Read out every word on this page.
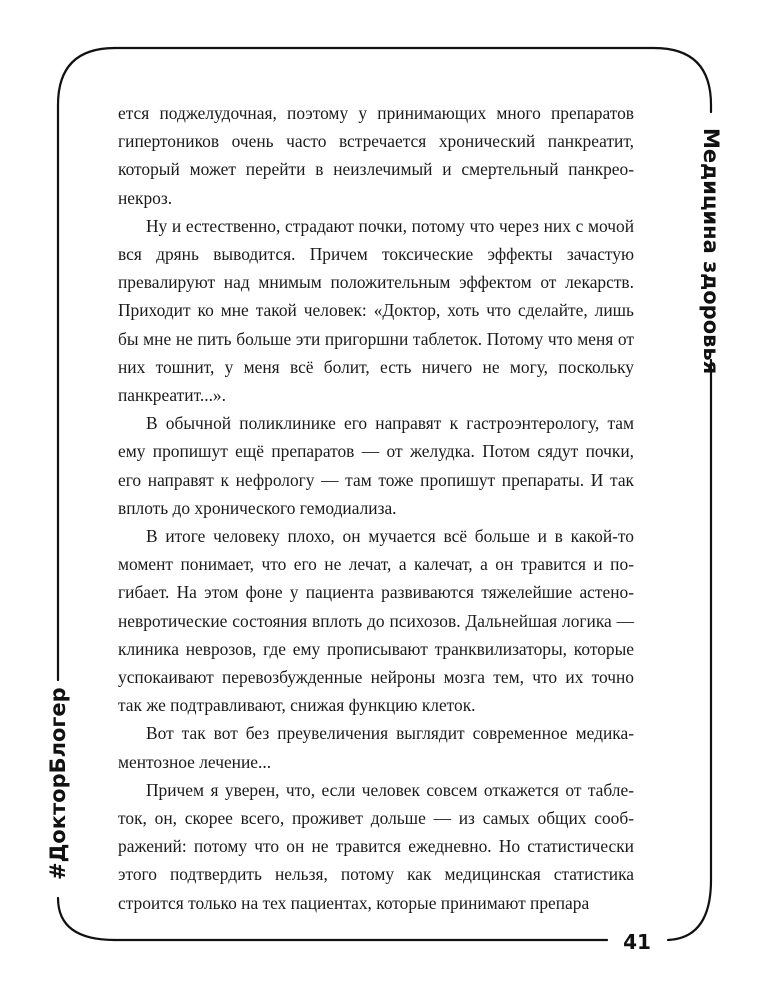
Медицина здоровья
#ДокторБлогер

ется поджелудочная, поэтому у принимающих много препаратов гипертоников очень часто встречается хронический панкреатит, который может перейти в неизлечимый и смертельный панкреонекроз.

Ну и естественно, страдают почки, потому что через них с мочой вся дрянь выводится. Причем токсические эффекты зачастую превалируют над мнимым положительным эффектом от лекарств. Приходит ко мне такой человек: «Доктор, хоть что сделайте, лишь бы мне не пить больше эти пригоршни таблеток. Потому что меня от них тошнит, у меня всё болит, есть ничего не могу, поскольку панкреатит...».

В обычной поликлинике его направят к гастроэнтерологу, там ему пропишут ещё препаратов — от желудка. Потом сядут почки, его направят к нефрологу — там тоже пропишут препараты. И так вплоть до хронического гемодиализа.

В итоге человеку плохо, он мучается всё больше и в какой-то момент понимает, что его не лечат, а калечат, а он травится и погибает. На этом фоне у пациента развиваются тяжелейшие астено-невротические состояния вплоть до психозов. Дальнейшая логика — клиника неврозов, где ему прописывают транквилизаторы, которые успокаивают перевозбужденные нейроны мозга тем, что их точно так же подтравливают, снижая функцию клеток.

Вот так вот без преувеличения выглядит современное медикаментозное лечение...

Причем я уверен, что, если человек совсем откажется от таблеток, он, скорее всего, проживет дольше — из самых общих соображений: потому что он не травится ежедневно. Но статистически этого подтвердить нельзя, потому как медицинская статистика строится только на тех пациентах, которые принимают препара

41
